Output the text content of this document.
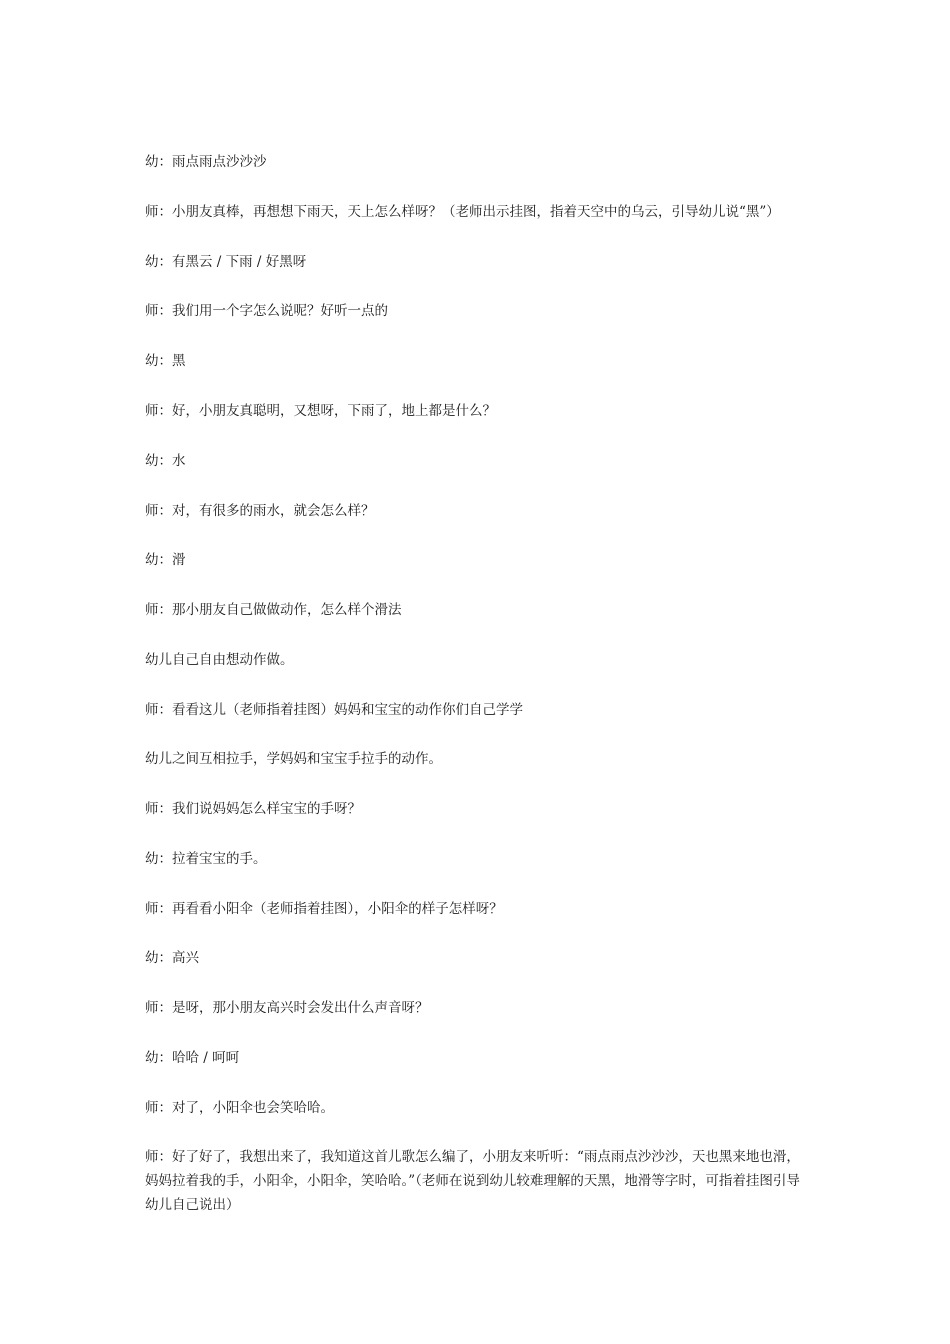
幼：雨点雨点沙沙沙

师：小朋友真棒，再想想下雨天，天上怎么样呀？（老师出示挂图，指着天空中的乌云，引导幼儿说“黑”）

幼：有黑云 / 下雨 / 好黑呀

师：我们用一个字怎么说呢？好听一点的

幼：黑

师：好，小朋友真聪明，又想呀，下雨了，地上都是什么？

幼：水

师：对，有很多的雨水，就会怎么样？

幼：滑

师：那小朋友自己做做动作，怎么样个滑法

幼儿自己自由想动作做。

师：看看这儿（老师指着挂图）妈妈和宝宝的动作你们自己学学

幼儿之间互相拉手，学妈妈和宝宝手拉手的动作。

师：我们说妈妈怎么样宝宝的手呀？

幼：拉着宝宝的手。

师：再看看小阳伞（老师指着挂图），小阳伞的样子怎样呀？

幼：高兴

师：是呀，那小朋友高兴时会发出什么声音呀？

幼：哈哈 / 呵呵

师：对了，小阳伞也会笑哈哈。

师：好了好了，我想出来了，我知道这首儿歌怎么编了，小朋友来听听：“雨点雨点沙沙沙，天也黑来地也滑，妈妈拉着我的手，小阳伞，小阳伞，笑哈哈。”（老师在说到幼儿较难理解的天黑，地滑等字时，可指着挂图引导幼儿自己说出）
